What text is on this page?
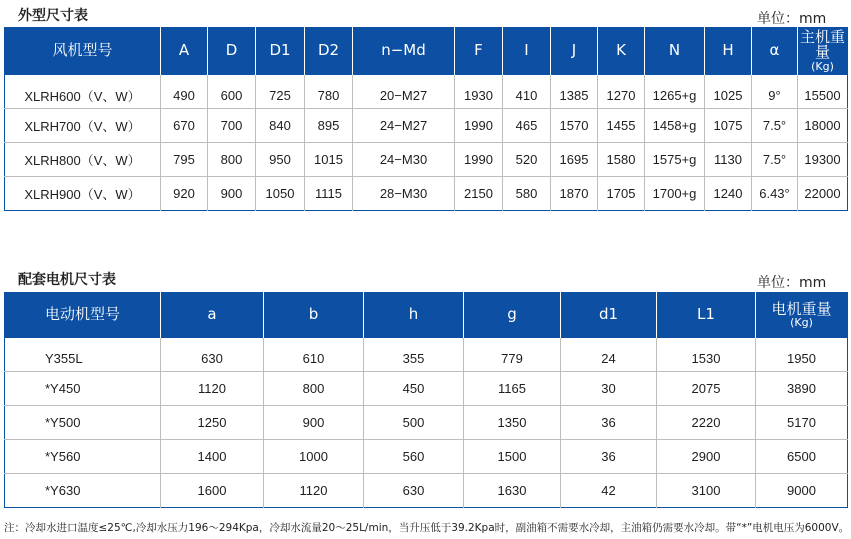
外型尺寸表	单位：mm
风机型号	A	D	D1	D2	n−Md	F	I	J	K	N	H	α	主机重量
(Kg)

XLRH600（V、W）	490	600	725	780	20−M27	1930	410	1385	1270	1265+g	1025	9°	15500
XLRH700（V、W）	670	700	840	895	24−M27	1990	465	1570	1455	1458+g	1075	7.5°	18000
XLRH800（V、W）	795	800	950	1015	24−M30	1990	520	1695	1580	1575+g	1130	7.5°	19300
XLRH900（V、W）	920	900	1050	1115	28−M30	2150	580	1870	1705	1700+g	1240	6.43°	22000
配套电机尺寸表	单位：mm
电动机型号	a	b	h	g	d1	L1	电机重量
(Kg)

Y355L	630	610	355	779	24	1530	1950
*Y450	1120	800	450	1165	30	2075	3890
*Y500	1250	900	500	1350	36	2220	5170
*Y560	1400	1000	560	1500	36	2900	6500
*Y630	1600	1120	630	1630	42	3100	9000
注：冷却水进口温度≤25℃,冷却水压力196～294Kpa，冷却水流量20～25L/min，当升压低于39.2Kpa时，副油箱不需要水冷却，主油箱仍需要水冷却。带“*”电机电压为6000V。
